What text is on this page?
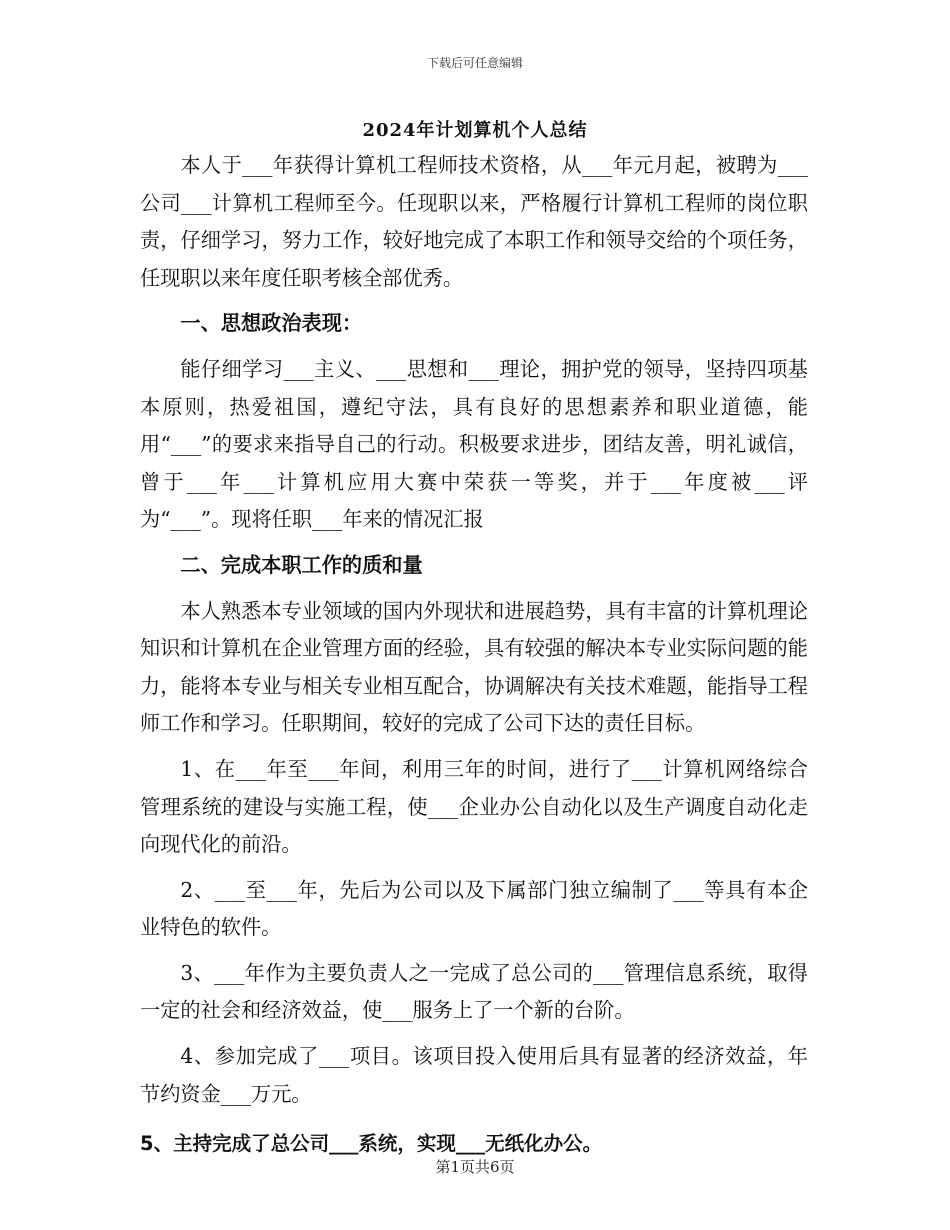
下载后可任意编辑
2024年计划算机个人总结

本人于___年获得计算机工程师技术资格，从___年元月起，被聘为___公司___计算机工程师至今。任现职以来，严格履行计算机工程师的岗位职责，仔细学习，努力工作，较好地完成了本职工作和领导交给的个项任务，任现职以来年度任职考核全部优秀。

一、思想政治表现：

能仔细学习___主义、___思想和___理论，拥护党的领导，坚持四项基本原则，热爱祖国，遵纪守法，具有良好的思想素养和职业道德，能用“___”的要求来指导自己的行动。积极要求进步，团结友善，明礼诚信，曾于___年___计算机应用大赛中荣获一等奖，并于___年度被___评为“___”。现将任职___年来的情况汇报

二、完成本职工作的质和量

本人熟悉本专业领域的国内外现状和进展趋势，具有丰富的计算机理论知识和计算机在企业管理方面的经验，具有较强的解决本专业实际问题的能力，能将本专业与相关专业相互配合，协调解决有关技术难题，能指导工程师工作和学习。任职期间，较好的完成了公司下达的责任目标。

1、在___年至___年间，利用三年的时间，进行了___计算机网络综合管理系统的建设与实施工程，使___企业办公自动化以及生产调度自动化走向现代化的前沿。

2、___至___年，先后为公司以及下属部门独立编制了___等具有本企业特色的软件。

3、___年作为主要负责人之一完成了总公司的___管理信息系统，取得一定的社会和经济效益，使___服务上了一个新的台阶。

4、参加完成了___项目。该项目投入使用后具有显著的经济效益，年节约资金___万元。

5、主持完成了总公司___系统，实现___无纸化办公。

第1页共6页
